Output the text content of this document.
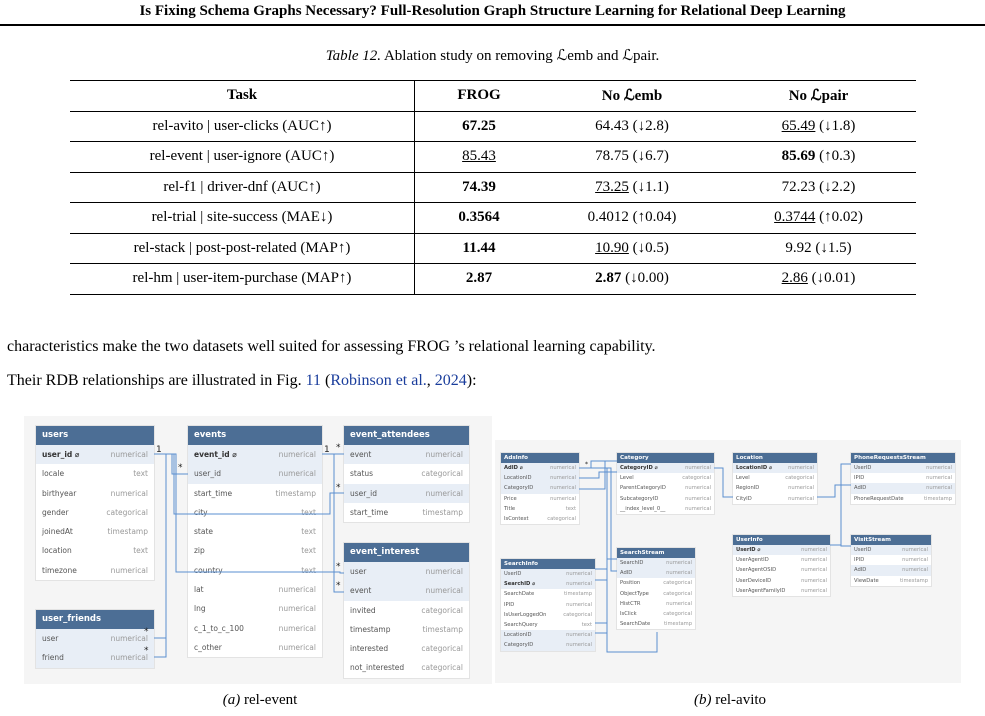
Is Fixing Schema Graphs Necessary? Full-Resolution Graph Structure Learning for Relational Deep Learning
Table 12. Ablation study on removing ℒemb and ℒpair.
Task	FROG	No ℒemb	No ℒpair
rel-avito | user-clicks (AUC↑)	67.25	64.43 (↓2.8)	65.49 (↓1.8)
rel-event | user-ignore (AUC↑)	85.43	78.75 (↓6.7)	85.69 (↑0.3)
rel-f1 | driver-dnf (AUC↑)	74.39	73.25 (↓1.1)	72.23 (↓2.2)
rel-trial | site-success (MAE↓)	0.3564	0.4012 (↑0.04)	0.3744 (↑0.02)
rel-stack | post-post-related (MAP↑)	11.44	10.90 (↓0.5)	9.92 (↓1.5)
rel-hm | user-item-purchase (MAP↑)	2.87	2.87 (↓0.00)	2.86 (↓0.01)
characteristics make the two datasets well suited for assessing FROG ’s relational learning capability.
Their RDB relationships are illustrated in Fig. 11 (Robinson et al., 2024):
users
user_id ⌀	numerical
locale	text
birthyear	numerical
gender	categorical
joinedAt	timestamp
location	text
timezone	numerical
events
event_id ⌀	numerical
user_id	numerical
start_time	timestamp
city	text
state	text
zip	text
country	text
lat	numerical
lng	numerical
c_1_to_c_100	numerical
c_other	numerical
event_attendees
event	numerical
status	categorical
user_id	numerical
start_time	timestamp
event_interest
user	numerical
event	numerical
invited	categorical
timestamp	timestamp
interested	categorical
not_interested categorical
user_friends
user	numerical
friend	numerical
1
*
1 *
*
*
*
*
*
AdsInfo
AdID ⌀	numerical
LocationID	numerical
CategoryID	numerical
Price	numerical
Title	text
IsContext	categorical
Category
CategoryID ⌀	numerical
Level	categorical
ParentCategoryID	numerical
SubcategoryID	numerical
__index_level_0__	numerical
Location
LocationID ⌀	numerical
Level	categorical
RegionID	numerical
CityID	numerical
PhoneRequestsStream
UserID	numerical
IPID	numerical
AdID	numerical
PhoneRequestDate	timestamp
SearchInfo
UserID	numerical
SearchID ⌀	numerical
SearchDate	timestamp
IPID	numerical
IsUserLoggedOn	categorical
SearchQuery	text
LocationID	numerical
CategoryID	numerical
SearchStream
SearchID	numerical
AdID	numerical
Position	categorical
ObjectType	categorical
HistCTR	numerical
IsClick	categorical
SearchDate	timestamp
UserInfo
UserID ⌀	numerical
UserAgentID	numerical
UserAgentOSID	numerical
UserDeviceID	numerical
UserAgentFamilyID	numerical
VisitStream
UserID	numerical
IPID	numerical
AdID	numerical
ViewDate	timestamp
*
(a) rel-event	(b) rel-avito
